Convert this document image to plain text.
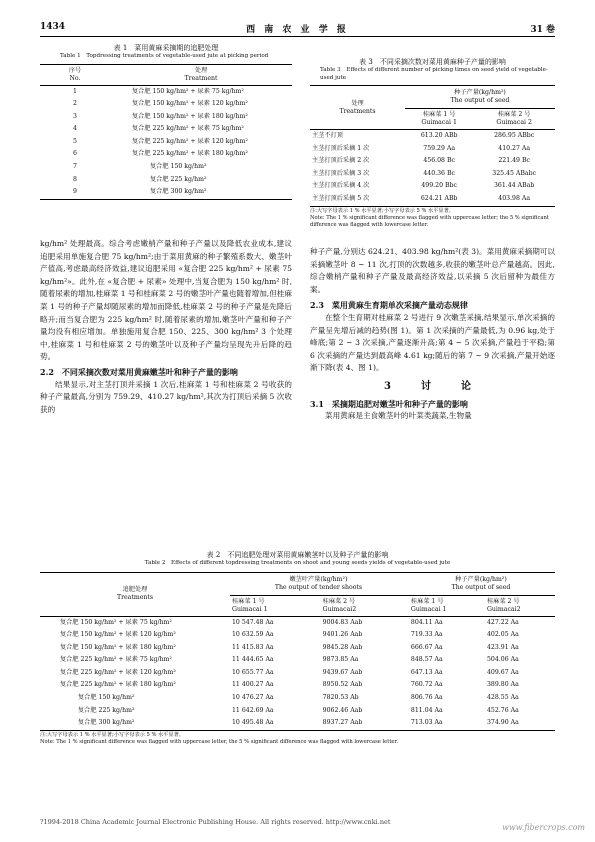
1434	西 南 农 业 学 报	31 卷
表 1　菜用黄麻采摘期的追肥处理
Table 1　Topdressing treatments of vegetable-used jute at picking period
序号
No.	处理
Treatment

1	复合肥 150 kg/hm² + 尿素 75 kg/hm²
2	复合肥 150 kg/hm² + 尿素 120 kg/hm²
3	复合肥 150 kg/hm² + 尿素 180 kg/hm²
4	复合肥 225 kg/hm² + 尿素 75 kg/hm²
5	复合肥 225 kg/hm² + 尿素 120 kg/hm²
6	复合肥 225 kg/hm² + 尿素 180 kg/hm²
7	复合肥 150 kg/hm²
8	复合肥 225 kg/hm²
9	复合肥 300 kg/hm²
kg/hm² 处理最高。综合考虑嫩梢产量和种子产量以及降低农业成本,建议追肥采用单施复合肥 75 kg/hm²;由于菜用黄麻的种子繁殖系数大、嫩茎叶产值高,考虑最高经济效益,建议追肥采用 «复合肥 225 kg/hm² + 尿素 75 kg/hm²»。此外,在 «复合肥 + 尿素» 处理中,当复合肥为 150 kg/hm² 时,随着尿素的增加,桂麻菜 1 号和桂麻菜 2 号的嫩茎叶产量也随着增加,但桂麻菜 1 号的种子产量却随尿素的增加而降低,桂麻菜 2 号的种子产量是先降后略升;而当复合肥为 225 kg/hm² 时,随着尿素的增加,嫩茎叶产量和种子产量均没有相应增加。单独施用复合肥 150、225、300 kg/hm² 3 个处理中,桂麻菜 1 号和桂麻菜 2 号的嫩茎叶以及种子产量均呈现先升后降的趋势。
2.2　不同采摘次数对菜用黄麻嫩茎叶和种子产量的影响
结果显示,对主茎打顶并采摘 1 次后,桂麻菜 1 号和桂麻菜 2 号收获的种子产量最高,分别为 759.29、410.27 kg/hm²,其次为打顶后采摘 5 次收获的
表 3　不同采摘次数对菜用黄麻种子产量的影响
Table 3　Effects of different number of picking times on seed yield of vegetable-used jute
处理
Treatments	种子产量(kg/hm²)
The output of seed	
	桂麻菜 1 号
Guimacai 1	桂麻菜 2 号
Guimacai 2
主茎不打顶	613.20 ABb	286.95 ABbc
主茎打顶后采摘 1 次	759.29 Aa	410.27 Aa
主茎打顶后采摘 2 次	456.08 Bc	221.49 Bc
主茎打顶后采摘 3 次	440.36 Bc	325.45 ABabc
主茎打顶后采摘 4 次	499.20 Bbc	361.44 ABab
主茎打顶后采摘 5 次	624.21 ABb	403.98 Aa
注:大写字母表示 1 % 水平显著;小写字母表示 5 % 水平显著。
Note: The 1 % significant difference was flagged with uppercase letter; the 5 % significant difference was flagged with lowercase letter.
种子产量,分别达 624.21、403.98 kg/hm²(表 3)。菜用黄麻采摘期可以采摘嫩茎叶 8 ~ 11 次,打顶的次数越多,收获的嫩茎叶总产量越高。因此,综合嫩梢产量和种子产量及最高经济效益,以采摘 5 次后留种为最佳方案。
2.3　菜用黄麻生育期单次采摘产量动态规律
在整个生育期对桂麻菜 2 号进行 9 次嫩茎采摘,结果显示,单次采摘的产量呈先增后减的趋势(图 1)。第 1 次采摘的产量最低,为 0.96 kg,处于峰底;第 2 ~ 3 次采摘,产量逐渐升高;第 4 ~ 5 次采摘,产量趋于平稳;第 6 次采摘的产量达到最高峰 4.61 kg;随后的第 7 ~ 9 次采摘,产量开始逐渐下降(表 4、图 1)。
3　讨　论
3.1　采摘期追肥对嫩茎叶和种子产量的影响
菜用黄麻是主食嫩茎叶的叶菜类蔬菜,生物量
表 2　不同追肥处理对菜用黄麻嫩茎叶以及种子产量的影响
Table 2　Effects of different topdressing treatments on shoot and young seeds yields of vegetable-used jute
追肥处理
Treatments	嫩茎叶产量(kg/hm²)
The output of tender shoots		种子产量(kg/hm²)
The output of seed	
	桂麻菜 1 号
Guimacai 1	桂麻菜 2 号
Guimacai2	桂麻菜 1 号
Guimacai 1	桂麻菜 2 号
Guimacai2
复合肥 150 kg/hm² + 尿素 75 kg/hm²	10 547.48 Aa	9004.83 Aab	804.11 Aa	427.22 Aa
复合肥 150 kg/hm² + 尿素 120 kg/hm²	10 632.59 Aa	9401.26 Aab	719.33 Aa	402.05 Aa
复合肥 150 kg/hm² + 尿素 180 kg/hm²	11 415.83 Aa	9845.28 Aab	666.67 Aa	423.91 Aa
复合肥 225 kg/hm² + 尿素 75 kg/hm²	11 444.65 Aa	9873.85 Aa	848.57 Aa	504.06 Aa
复合肥 225 kg/hm² + 尿素 120 kg/hm²	10 655.77 Aa	9439.67 Aab	647.13 Aa	409.67 Aa
复合肥 225 kg/hm² + 尿素 180 kg/hm²	11 400.27 Aa	8950.52 Aab	760.72 Aa	389.80 Aa
复合肥 150 kg/hm²	10 476.27 Aa	7820.53 Ab	806.76 Aa	428.55 Aa
复合肥 225 kg/hm²	11 642.69 Aa	9062.46 Aab	811.04 Aa	452.76 Aa
复合肥 300 kg/hm²	10 495.48 Aa	8937.27 Aab	713.03 Aa	374.90 Aa
注:大写字母表示 1 % 水平显著;小写字母表示 5 % 水平显著。
Note: The 1 % significant difference was flagged with uppercase letter, the 5 % significant difference was flagged with lowercase letter.
?1994-2018 China Academic Journal Electronic Publishing House. All rights reserved. http://www.cnki.net
www.fibercrops.com
